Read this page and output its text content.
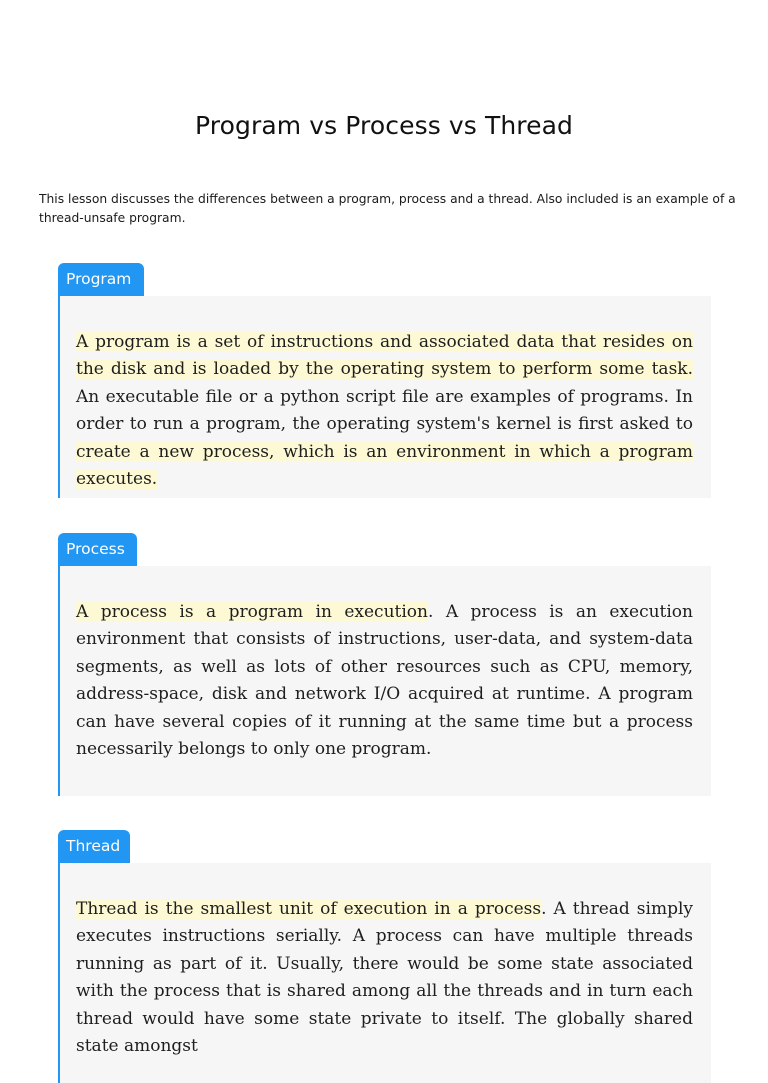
Program vs Process vs Thread

This lesson discusses the differences between a program, process and a thread. Also included is an example of a thread-unsafe program.

Program

A program is a set of instructions and associated data that resides on the disk and is loaded by the operating system to perform some task. An executable file or a python script file are examples of programs. In order to run a program, the operating system's kernel is first asked to create a new process, which is an environment in which a program executes.

Process

A process is a program in execution. A process is an execution environment that consists of instructions, user-data, and system-data segments, as well as lots of other resources such as CPU, memory, address-space, disk and network I/O acquired at runtime. A program can have several copies of it running at the same time but a process necessarily belongs to only one program.

Thread

Thread is the smallest unit of execution in a process. A thread simply executes instructions serially. A process can have multiple threads running as part of it. Usually, there would be some state associated with the process that is shared among all the threads and in turn each thread would have some state private to itself. The globally shared state amongst
